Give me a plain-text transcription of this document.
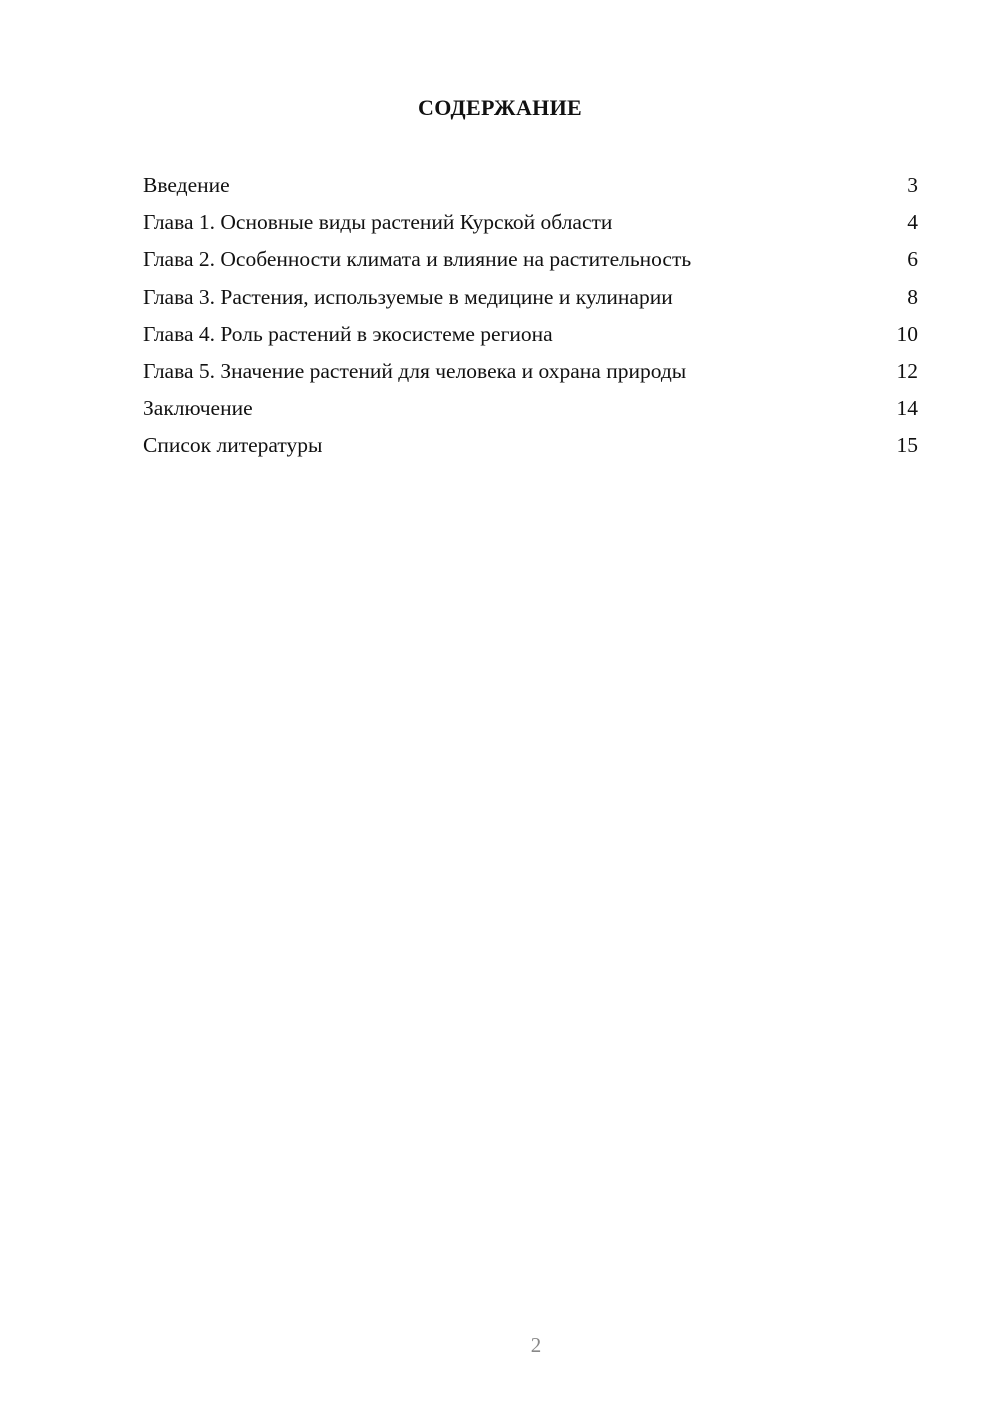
СОДЕРЖАНИЕ
Введение	3
Глава 1. Основные виды растений Курской области	4
Глава 2. Особенности климата и влияние на растительность	6
Глава 3. Растения, используемые в медицине и кулинарии	8
Глава 4. Роль растений в экосистеме региона	10
Глава 5. Значение растений для человека и охрана природы	12
Заключение	14
Список литературы	15
2
